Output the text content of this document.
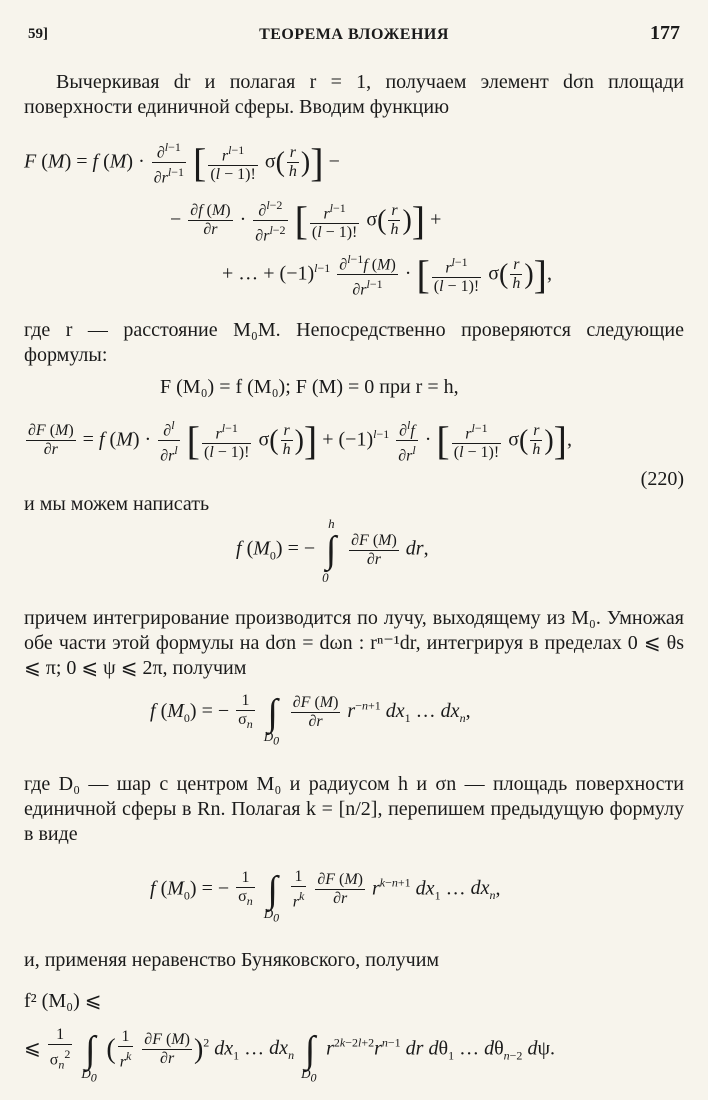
59]	ТЕОРЕМА ВЛОЖЕНИЯ	177
Вычеркивая dr и полагая r = 1, получаем элемент dσn площади поверхности единичной сферы. Вводим функцию
F (M) = f $(M) \cdot \frac{\partial^{l-1}}{\partial r^{l-1}}$ [ $\frac{r^{l-1}}{(l - 1)!} \sigma( \frac{r}{h}$ )] −
− $\frac{\partial f (M)}{\partial r} \cdot \frac{\partial^{l-2}}{\partial r^{l-2}}$ [ $\frac{r^{l-1}}{(l - 1)!} \sigma( \frac{r}{h}$ )] +
+ … + $(-1)^{l-1} \frac{\partial^{l-1}f (M)}{\partial r^{l-1}}$ · [ $\frac{r^{l-1}}{(l - 1)!} \sigma( \frac{r}{h}$ )],
где r — расстояние M₀M. Непосредственно проверяются следующие формулы:
F (M₀) = f (M₀); F (M) = 0 при r = h,
$\frac{\partial F (M)}{\partial r} = f$ $(M) \cdot \frac{\partial^l}{\partial r^l}$ [ $\frac{r^{l-1}}{(l - 1)!} \sigma( \frac{r}{h}$ )] + $(-1)^{l-1} \frac{\partial^lf}{\partial r^l}$ · [ $\frac{r^{l-1}}{(l - 1)!} \sigma( \frac{r}{h}$ )],
(220)
и мы можем написать
f $(M_0)$ = −
h
∫
0

$\frac{\partial F (M)}{\partial r}$ dr,
причем интегрирование производится по лучу, выходящему из M₀. Умножая обе части этой формулы на dσn = dωn : rⁿ⁻¹dr, интегрируя в пределах 0 ⩽ θs ⩽ π; 0 ⩽ ψ ⩽ 2π, получим
f $(M_0)$ = − $\frac{1}{\sigma_n}$
∫
$D_0$

$\frac{\partial F (M)}{\partial r} r^{-n+1}$ $dx_1$ … $dx_n$,
где D₀ — шар с центром M₀ и радиусом h и σn — площадь поверхности единичной сферы в Rn. Полагая k = [n/2], перепишем предыдущую формулу в виде
f $(M_0)$ = − $\frac{1}{\sigma_n}$
∫
$D_0$

$\frac{1}{r^k}$
$\frac{\partial F (M)}{\partial r} r^{k-n+1}$ $dx_1$ … $dx_n$,
и, применяя неравенство Буняковского, получим
f² (M₀) ⩽
⩽ $\frac{1}{\sigma_n^2}$
∫
$D_0$
( $\frac{1}{r^k}$
$\frac{\partial F (M)}{\partial r} )^2$ $dx_1$ … $dx_n$ ∫
$D_0$
$r^{2k-2l+2}r^{n-1}$ dr $d\theta_1$ … $d\theta_{n-2}$ dψ.
